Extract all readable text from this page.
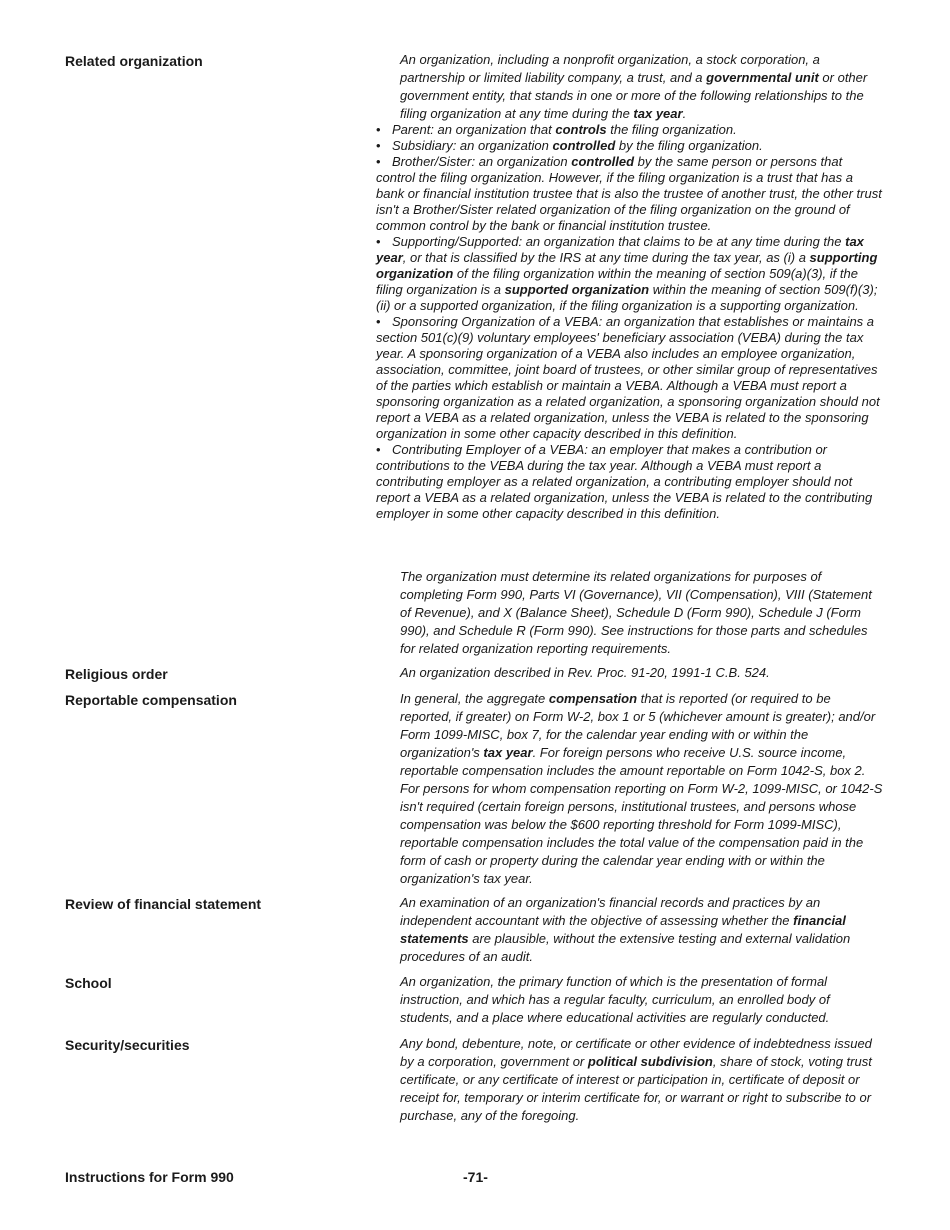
Related organization	An organization, including a nonprofit organization, a stock corporation, a partnership or limited liability company, a trust, and a governmental unit or other government entity, that stands in one or more of the following relationships to the filing organization at any time during the tax year.

• Parent: an organization that controls the filing organization.

• Subsidiary: an organization controlled by the filing organization.

• Brother/Sister: an organization controlled by the same person or persons that control the filing organization. However, if the filing organization is a trust that has a bank or financial institution trustee that is also the trustee of another trust, the other trust isn't a Brother/Sister related organization of the filing organization on the ground of common control by the bank or financial institution trustee.

• Supporting/Supported: an organization that claims to be at any time during the tax year, or that is classified by the IRS at any time during the tax year, as (i) a supporting organization of the filing organization within the meaning of section 509(a)(3), if the filing organization is a supported organization within the meaning of section 509(f)(3); (ii) or a supported organization, if the filing organization is a supporting organization.

• Sponsoring Organization of a VEBA: an organization that establishes or maintains a section 501(c)(9) voluntary employees' beneficiary association (VEBA) during the tax year. A sponsoring organization of a VEBA also includes an employee organization, association, committee, joint board of trustees, or other similar group of representatives of the parties which establish or maintain a VEBA. Although a VEBA must report a sponsoring organization as a related organization, a sponsoring organization should not report a VEBA as a related organization, unless the VEBA is related to the sponsoring organization in some other capacity described in this definition.

• Contributing Employer of a VEBA: an employer that makes a contribution or contributions to the VEBA during the tax year. Although a VEBA must report a contributing employer as a related organization, a contributing employer should not report a VEBA as a related organization, unless the VEBA is related to the contributing employer in some other capacity described in this definition.

The organization must determine its related organizations for purposes of completing Form 990, Parts VI (Governance), VII (Compensation), VIII (Statement of Revenue), and X (Balance Sheet), Schedule D (Form 990), Schedule J (Form 990), and Schedule R (Form 990). See instructions for those parts and schedules for related organization reporting requirements.
Religious order	An organization described in Rev. Proc. 91-20, 1991-1 C.B. 524.
Reportable compensation	In general, the aggregate compensation that is reported (or required to be reported, if greater) on Form W-2, box 1 or 5 (whichever amount is greater); and/or Form 1099-MISC, box 7, for the calendar year ending with or within the organization's tax year. For foreign persons who receive U.S. source income, reportable compensation includes the amount reportable on Form 1042-S, box 2. For persons for whom compensation reporting on Form W-2, 1099-MISC, or 1042-S isn't required (certain foreign persons, institutional trustees, and persons whose compensation was below the $600 reporting threshold for Form 1099-MISC), reportable compensation includes the total value of the compensation paid in the form of cash or property during the calendar year ending with or within the organization's tax year.
Review of financial statement	An examination of an organization's financial records and practices by an independent accountant with the objective of assessing whether the financial statements are plausible, without the extensive testing and external validation procedures of an audit.
School	An organization, the primary function of which is the presentation of formal instruction, and which has a regular faculty, curriculum, an enrolled body of students, and a place where educational activities are regularly conducted.
Security/securities	Any bond, debenture, note, or certificate or other evidence of indebtedness issued by a corporation, government or political subdivision, share of stock, voting trust certificate, or any certificate of interest or participation in, certificate of deposit or receipt for, temporary or interim certificate for, or warrant or right to subscribe to or purchase, any of the foregoing.
Instructions for Form 990	-71-
